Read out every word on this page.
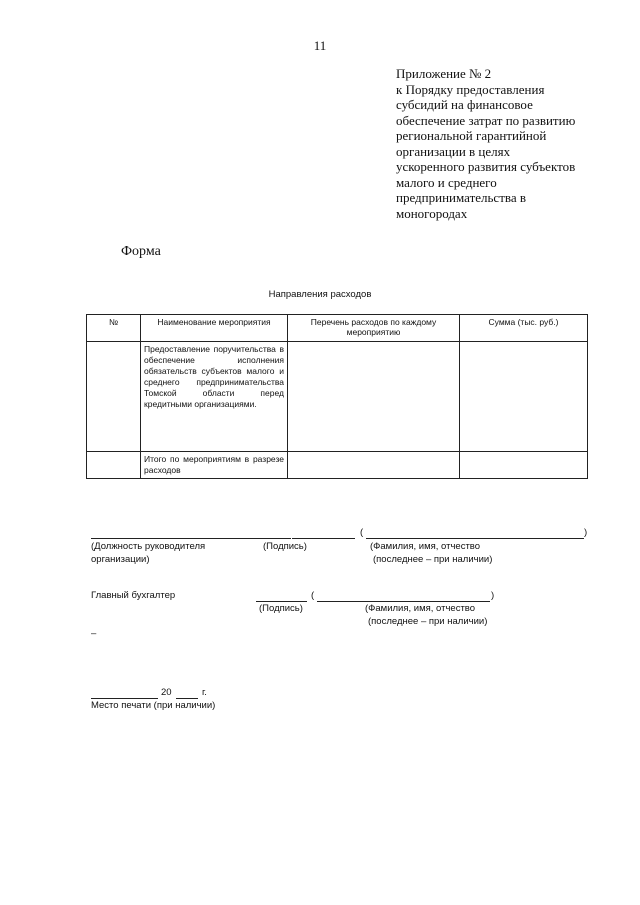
11
Приложение № 2
к Порядку предоставления
субсидий на финансовое
обеспечение затрат по развитию
региональной гарантийной
организации в целях
ускоренного развития субъектов
малого и среднего
предпринимательства в
моногородах
Форма
Направления расходов
№	Наименование мероприятия	Перечень расходов по каждому мероприятию	Сумма (тыс. руб.)
	Предоставление поручительства в обеспечение исполнения обязательств субъектов малого и среднего предпринимательства Томской области перед кредитными организациями.		
	Итого по мероприятиям в разрезе расходов		
(	)
(Должность руководителя
организации)
(Подпись)	(Фамилия, имя, отчество
(последнее – при наличии)
Главный бухгалтер	(	)
(Подпись)	(Фамилия, имя, отчество
(последнее – при наличии)
–
20	г.
Место печати (при наличии)
